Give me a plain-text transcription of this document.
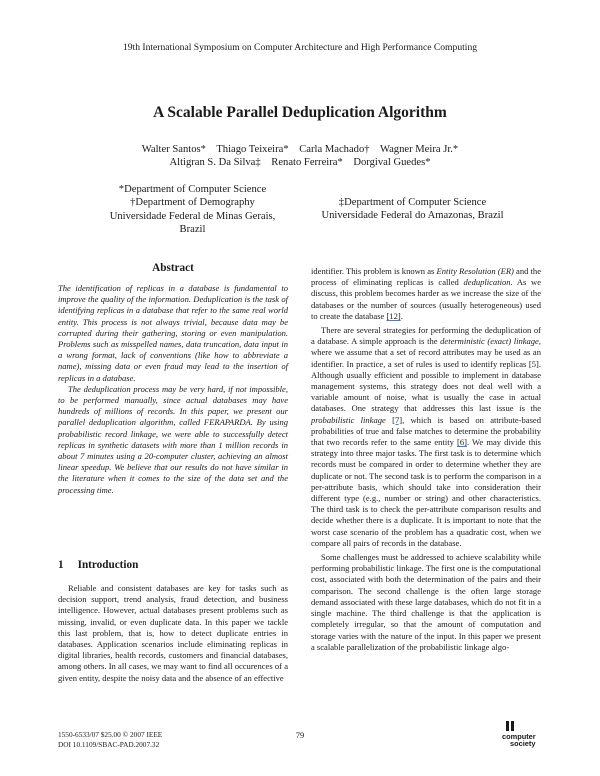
19th International Symposium on Computer Architecture and High Performance Computing
A Scalable Parallel Deduplication Algorithm
Walter Santos*    Thiago Teixeira*    Carla Machado†    Wagner Meira Jr.*
Altigran S. Da Silva‡    Renato Ferreira*    Dorgival Guedes*
*Department of Computer Science
†Department of Demography
Universidade Federal de Minas Gerais,
Brazil
‡Department of Computer Science
Universidade Federal do Amazonas, Brazil
Abstract

The identification of replicas in a database is fundamental to improve the quality of the information. Deduplication is the task of identifying replicas in a database that refer to the same real world entity. This process is not always trivial, because data may be corrupted during their gathering, storing or even manipulation. Problems such as misspelled names, data truncation, data input in a wrong format, lack of conventions (like how to abbreviate a name), missing data or even fraud may lead to the insertion of replicas in a database.

The deduplication process may be very hard, if not impossible, to be performed manually, since actual databases may have hundreds of millions of records. In this paper, we present our parallel deduplication algorithm, called FERAPARDA. By using probabilistic record linkage, we were able to successfully detect replicas in synthetic datasets with more than 1 million records in about 7 minutes using a 20-computer cluster, achieving an almost linear speedup. We believe that our results do not have similar in the literature when it comes to the size of the data set and the processing time.

1 Introduction

Reliable and consistent databases are key for tasks such as decision support, trend analysis, fraud detection, and business intelligence. However, actual databases present problems such as missing, invalid, or even duplicate data. In this paper we tackle this last problem, that is, how to detect duplicate entries in databases. Application scenarios include eliminating replicas in digital libraries, health records, customers and financial databases, among others. In all cases, we may want to find all occurences of a given entity, despite the noisy data and the absence of an effective

identifier. This problem is known as Entity Resolution (ER) and the process of eliminating replicas is called deduplication. As we discuss, this problem becomes harder as we increase the size of the databases or the number of sources (usually heterogeneous) used to create the database [12].

There are several strategies for performing the deduplication of a database. A simple approach is the deterministic (exact) linkage, where we assume that a set of record attributes may be used as an identifier. In practice, a set of rules is used to identify replicas [5]. Although usually efficient and possible to implement in database management systems, this strategy does not deal well with a variable amount of noise, what is usually the case in actual databases. One strategy that addresses this last issue is the probabilistic linkage [7], which is based on attribute-based probabilities of true and false matches to determine the probability that two records refer to the same entity [6]. We may divide this strategy into three major tasks. The first task is to determine which records must be compared in order to determine whether they are duplicate or not. The second task is to perform the comparison in a per-attribute basis, which should take into consideration their different type (e.g., number or string) and other characteristics. The third task is to check the per-attribute comparison results and decide whether there is a duplicate. It is important to note that the worst case scenario of the problem has a quadratic cost, when we compare all pairs of records in the database.

Some challenges must be addressed to achieve scalability while performing probabilistic linkage. The first one is the computational cost, associated with both the determination of the pairs and their comparison. The second challenge is the often large storage demand associated with these large databases, which do not fit in a single machine. The third challenge is that the application is completely irregular, so that the amount of computation and storage varies with the nature of the input. In this paper we present a scalable parallelization of the probabilistic linkage algo-

1550-6533/07 $25.00 © 2007 IEEE
DOI 10.1109/SBAC-PAD.2007.32
79	computer
society
